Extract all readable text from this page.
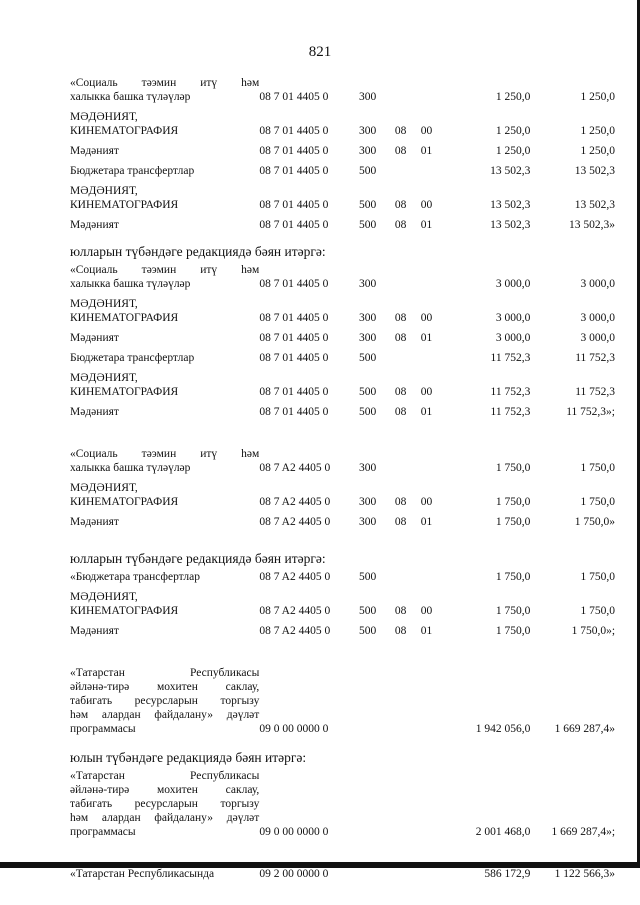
821
«Социаль тәэмин итү һәм
халыкка башка түләүләр	08 7 01 4405 0	300	1 250,0	1 250,0
МӘДӘНИЯТ,
КИНЕМАТОГРАФИЯ	08 7 01 4405 0	300	08	00	1 250,0	1 250,0
Мәдәният	08 7 01 4405 0	300	08	01	1 250,0	1 250,0
Бюджетара трансфертлар	08 7 01 4405 0	500	13 502,3	13 502,3
МӘДӘНИЯТ,
КИНЕМАТОГРАФИЯ	08 7 01 4405 0	500	08	00	13 502,3	13 502,3
Мәдәният	08 7 01 4405 0	500	08	01	13 502,3	13 502,3»
юлларын түбәндәге редакциядә бәян итәргә:
«Социаль тәэмин итү һәм
халыкка башка түләүләр	08 7 01 4405 0	300	3 000,0	3 000,0
МӘДӘНИЯТ,
КИНЕМАТОГРАФИЯ	08 7 01 4405 0	300	08	00	3 000,0	3 000,0
Мәдәният	08 7 01 4405 0	300	08	01	3 000,0	3 000,0
Бюджетара трансфертлар	08 7 01 4405 0	500	11 752,3	11 752,3
МӘДӘНИЯТ,
КИНЕМАТОГРАФИЯ	08 7 01 4405 0	500	08	00	11 752,3	11 752,3
Мәдәният	08 7 01 4405 0	500	08	01	11 752,3	11 752,3»;
«Социаль тәэмин итү һәм
халыкка башка түләүләр	08 7 A2 4405 0	300	1 750,0	1 750,0
МӘДӘНИЯТ,
КИНЕМАТОГРАФИЯ	08 7 A2 4405 0	300	08	00	1 750,0	1 750,0
Мәдәният	08 7 A2 4405 0	300	08	01	1 750,0	1 750,0»
юлларын түбәндәге редакциядә бәян итәргә:
«Бюджетара трансфертлар	08 7 A2 4405 0	500	1 750,0	1 750,0
МӘДӘНИЯТ,
КИНЕМАТОГРАФИЯ	08 7 A2 4405 0	500	08	00	1 750,0	1 750,0
Мәдәният	08 7 A2 4405 0	500	08	01	1 750,0	1 750,0»;
«Татарстан Республикасы
әйләнә-тирә мохитен саклау,
табигать ресурсларын торгызу
һәм алардан файдалану» дәүләт
программасы	09 0 00 0000 0	1 942 056,0	1 669 287,4»
юлын түбәндәге редакциядә бәян итәргә:
«Татарстан Республикасы
әйләнә-тирә мохитен саклау,
табигать ресурсларын торгызу
һәм алардан файдалану» дәүләт
программасы	09 0 00 0000 0	2 001 468,0	1 669 287,4»;
«Татарстан Республикасында	09 2 00 0000 0	586 172,9	1 122 566,3»
